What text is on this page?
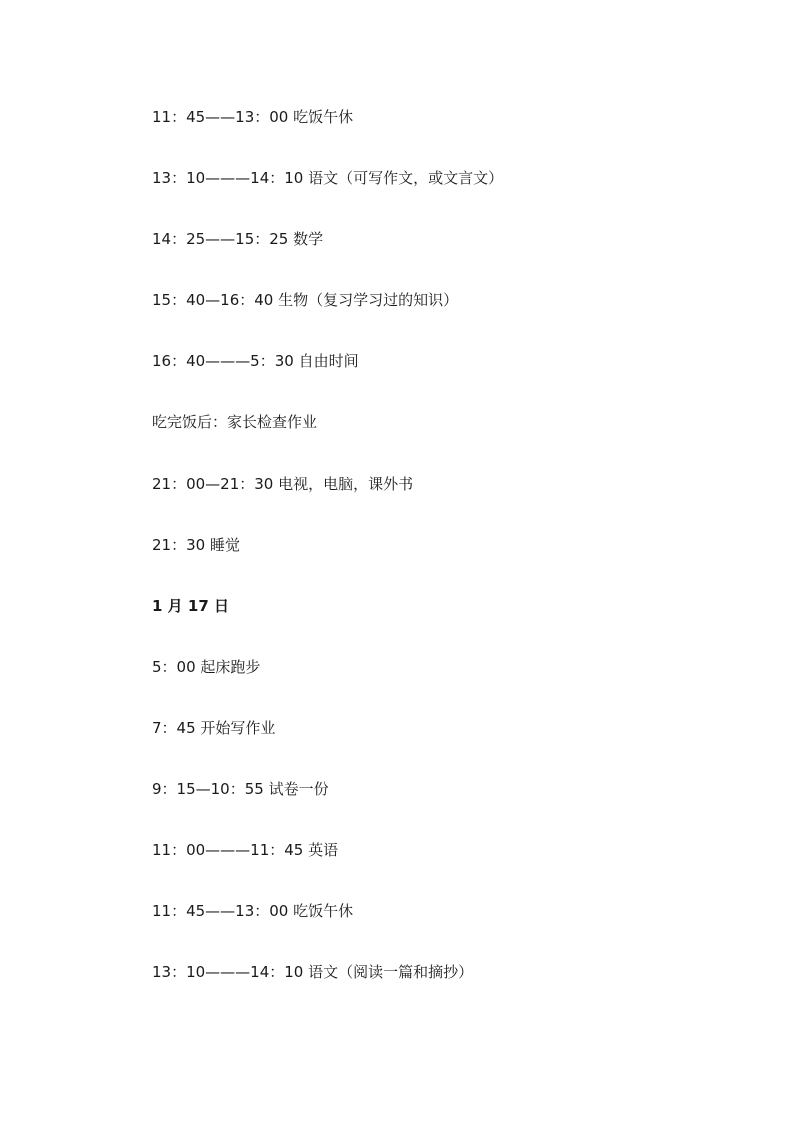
11：45——13：00 吃饭午休
13：10———14：10 语文（可写作文，或文言文）
14：25——15：25 数学
15：40—16：40 生物（复习学习过的知识）
16：40———5：30 自由时间
吃完饭后：家长检查作业
21：00—21：30 电视，电脑，课外书
21：30 睡觉
1 月 17 日
5：00 起床跑步
7：45 开始写作业
9：15—10：55 试卷一份
11：00———11：45 英语
11：45——13：00 吃饭午休
13：10———14：10 语文（阅读一篇和摘抄）
